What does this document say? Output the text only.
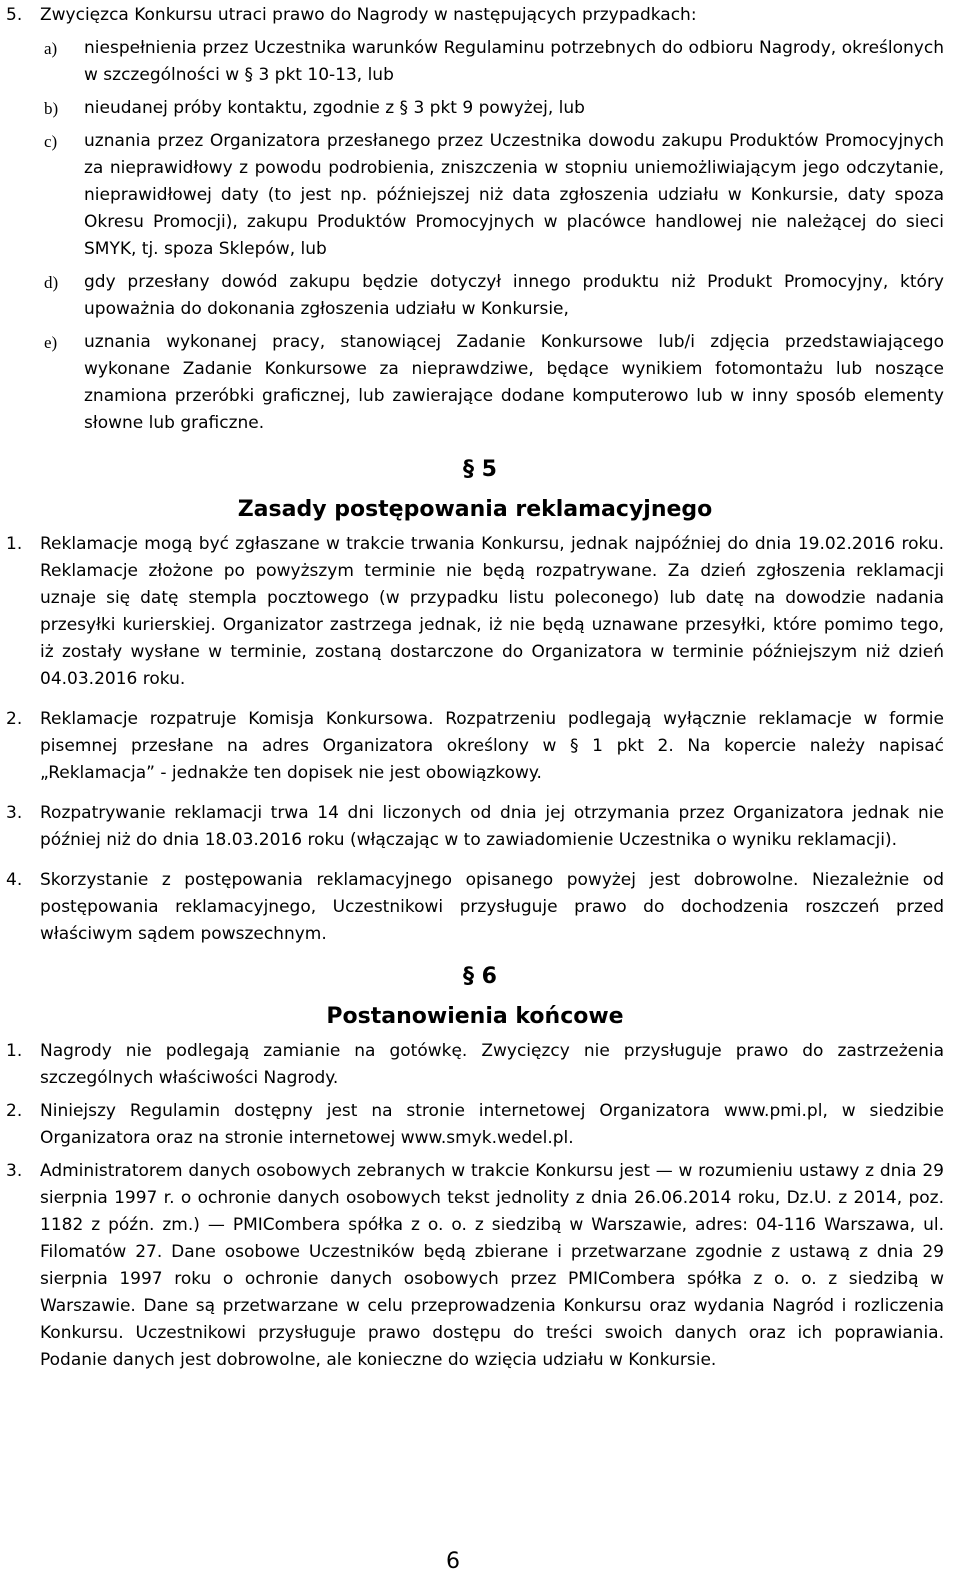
5.	Zwycięzca Konkursu utraci prawo do Nagrody w następujących przypadkach:
a)	niespełnienia przez Uczestnika warunków Regulaminu potrzebnych do odbioru Nagrody, określonych w szczególności w § 3 pkt 10-13, lub
b)	nieudanej próby kontaktu, zgodnie z § 3 pkt 9 powyżej, lub
c)	uznania przez Organizatora przesłanego przez Uczestnika dowodu zakupu Produktów Promocyjnych za nieprawidłowy z powodu podrobienia, zniszczenia w stopniu uniemożliwiającym jego odczytanie, nieprawidłowej daty (to jest np. późniejszej niż data zgłoszenia udziału w Konkursie, daty spoza Okresu Promocji), zakupu Produktów Promocyjnych w placówce handlowej nie należącej do sieci SMYK, tj. spoza Sklepów, lub
d)	gdy przesłany dowód zakupu będzie dotyczył innego produktu niż Produkt Promocyjny, który upoważnia do dokonania zgłoszenia udziału w Konkursie,
e)	uznania wykonanej pracy, stanowiącej Zadanie Konkursowe lub/i zdjęcia przedstawiającego wykonane Zadanie Konkursowe za nieprawdziwe, będące wynikiem fotomontażu lub noszące znamiona przeróbki graficznej, lub zawierające dodane komputerowo lub w inny sposób elementy słowne lub graficzne.
§ 5
Zasady postępowania reklamacyjnego
1.	Reklamacje mogą być zgłaszane w trakcie trwania Konkursu, jednak najpóźniej do dnia 19.02.2016 roku. Reklamacje złożone po powyższym terminie nie będą rozpatrywane. Za dzień zgłoszenia reklamacji uznaje się datę stempla pocztowego (w przypadku listu poleconego) lub datę na dowodzie nadania przesyłki kurierskiej. Organizator zastrzega jednak, iż nie będą uznawane przesyłki, które pomimo tego, iż zostały wysłane w terminie, zostaną dostarczone do Organizatora w terminie późniejszym niż dzień 04.03.2016 roku.
2.	Reklamacje rozpatruje Komisja Konkursowa. Rozpatrzeniu podlegają wyłącznie reklamacje w formie pisemnej przesłane na adres Organizatora określony w § 1 pkt 2. Na kopercie należy napisać „Reklamacja” - jednakże ten dopisek nie jest obowiązkowy.
3.	Rozpatrywanie reklamacji trwa 14 dni liczonych od dnia jej otrzymania przez Organizatora jednak nie później niż do dnia 18.03.2016 roku (włączając w to zawiadomienie Uczestnika o wyniku reklamacji).
4.	Skorzystanie z postępowania reklamacyjnego opisanego powyżej jest dobrowolne. Niezależnie od postępowania reklamacyjnego, Uczestnikowi przysługuje prawo do dochodzenia roszczeń przed właściwym sądem powszechnym.
§ 6
Postanowienia końcowe
1.	Nagrody nie podlegają zamianie na gotówkę. Zwycięzcy nie przysługuje prawo do zastrzeżenia szczególnych właściwości Nagrody.
2.	Niniejszy Regulamin dostępny jest na stronie internetowej Organizatora www.pmi.pl, w siedzibie Organizatora oraz na stronie internetowej www.smyk.wedel.pl.
3.	Administratorem danych osobowych zebranych w trakcie Konkursu jest — w rozumieniu ustawy z dnia 29 sierpnia 1997 r. o ochronie danych osobowych tekst jednolity z dnia 26.06.2014 roku, Dz.U. z 2014, poz. 1182 z późn. zm.) — PMICombera spółka z o. o. z siedzibą w Warszawie, adres: 04-116 Warszawa, ul. Filomatów 27. Dane osobowe Uczestników będą zbierane i przetwarzane zgodnie z ustawą z dnia 29 sierpnia 1997 roku o ochronie danych osobowych przez PMICombera spółka z o. o. z siedzibą w Warszawie. Dane są przetwarzane w celu przeprowadzenia Konkursu oraz wydania Nagród i rozliczenia Konkursu. Uczestnikowi przysługuje prawo dostępu do treści swoich danych oraz ich poprawiania. Podanie danych jest dobrowolne, ale konieczne do wzięcia udziału w Konkursie.
6
